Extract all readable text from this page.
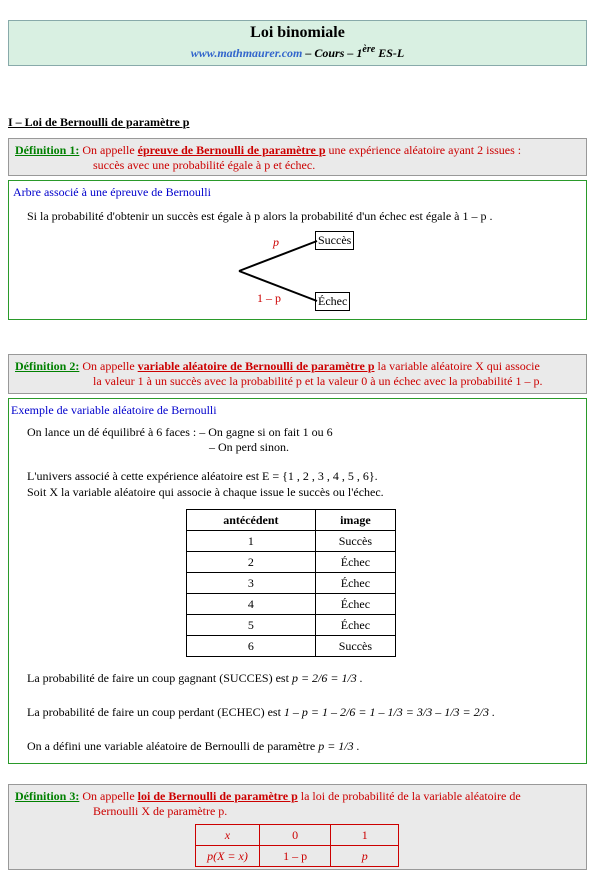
Loi binomiale
www.mathmaurer.com – Cours – 1ère ES-L
I – Loi de Bernoulli de paramètre p
Définition 1: On appelle épreuve de Bernoulli de paramètre p une expérience aléatoire ayant 2 issues :
succès avec une probabilité égale à p et échec.
Arbre associé à une épreuve de Bernoulli
Si la probabilité d'obtenir un succès est égale à p alors la probabilité d'un échec est égale à 1 – p .
p
1 – p
Succès
Échec
Définition 2: On appelle variable aléatoire de Bernoulli de paramètre p la variable aléatoire X qui associe
la valeur 1 à un succès avec la probabilité p et la valeur 0 à un échec avec la probabilité 1 – p.
Exemple de variable aléatoire de Bernoulli
On lance un dé équilibré à 6 faces : – On gagne si on fait 1 ou 6
– On perd sinon.
L'univers associé à cette expérience aléatoire est E = {1 , 2 , 3 , 4 , 5 , 6}.
Soit X la variable aléatoire qui associe à chaque issue le succès ou l'échec.
antécédent	image
1	Succès
2	Échec
3	Échec
4	Échec
5	Échec
6	Succès
La probabilité de faire un coup gagnant (SUCCES) est p = 2/6 = 1/3 .
La probabilité de faire un coup perdant (ECHEC) est 1 – p = 1 – 2/6 = 1 – 1/3 = 3/3 – 1/3 = 2/3 .
On a défini une variable aléatoire de Bernoulli de paramètre p = 1/3 .
Définition 3: On appelle loi de Bernoulli de paramètre p la loi de probabilité de la variable aléatoire de
Bernoulli X de paramètre p.
x	0	1
p(X = x)	1 – p	p
